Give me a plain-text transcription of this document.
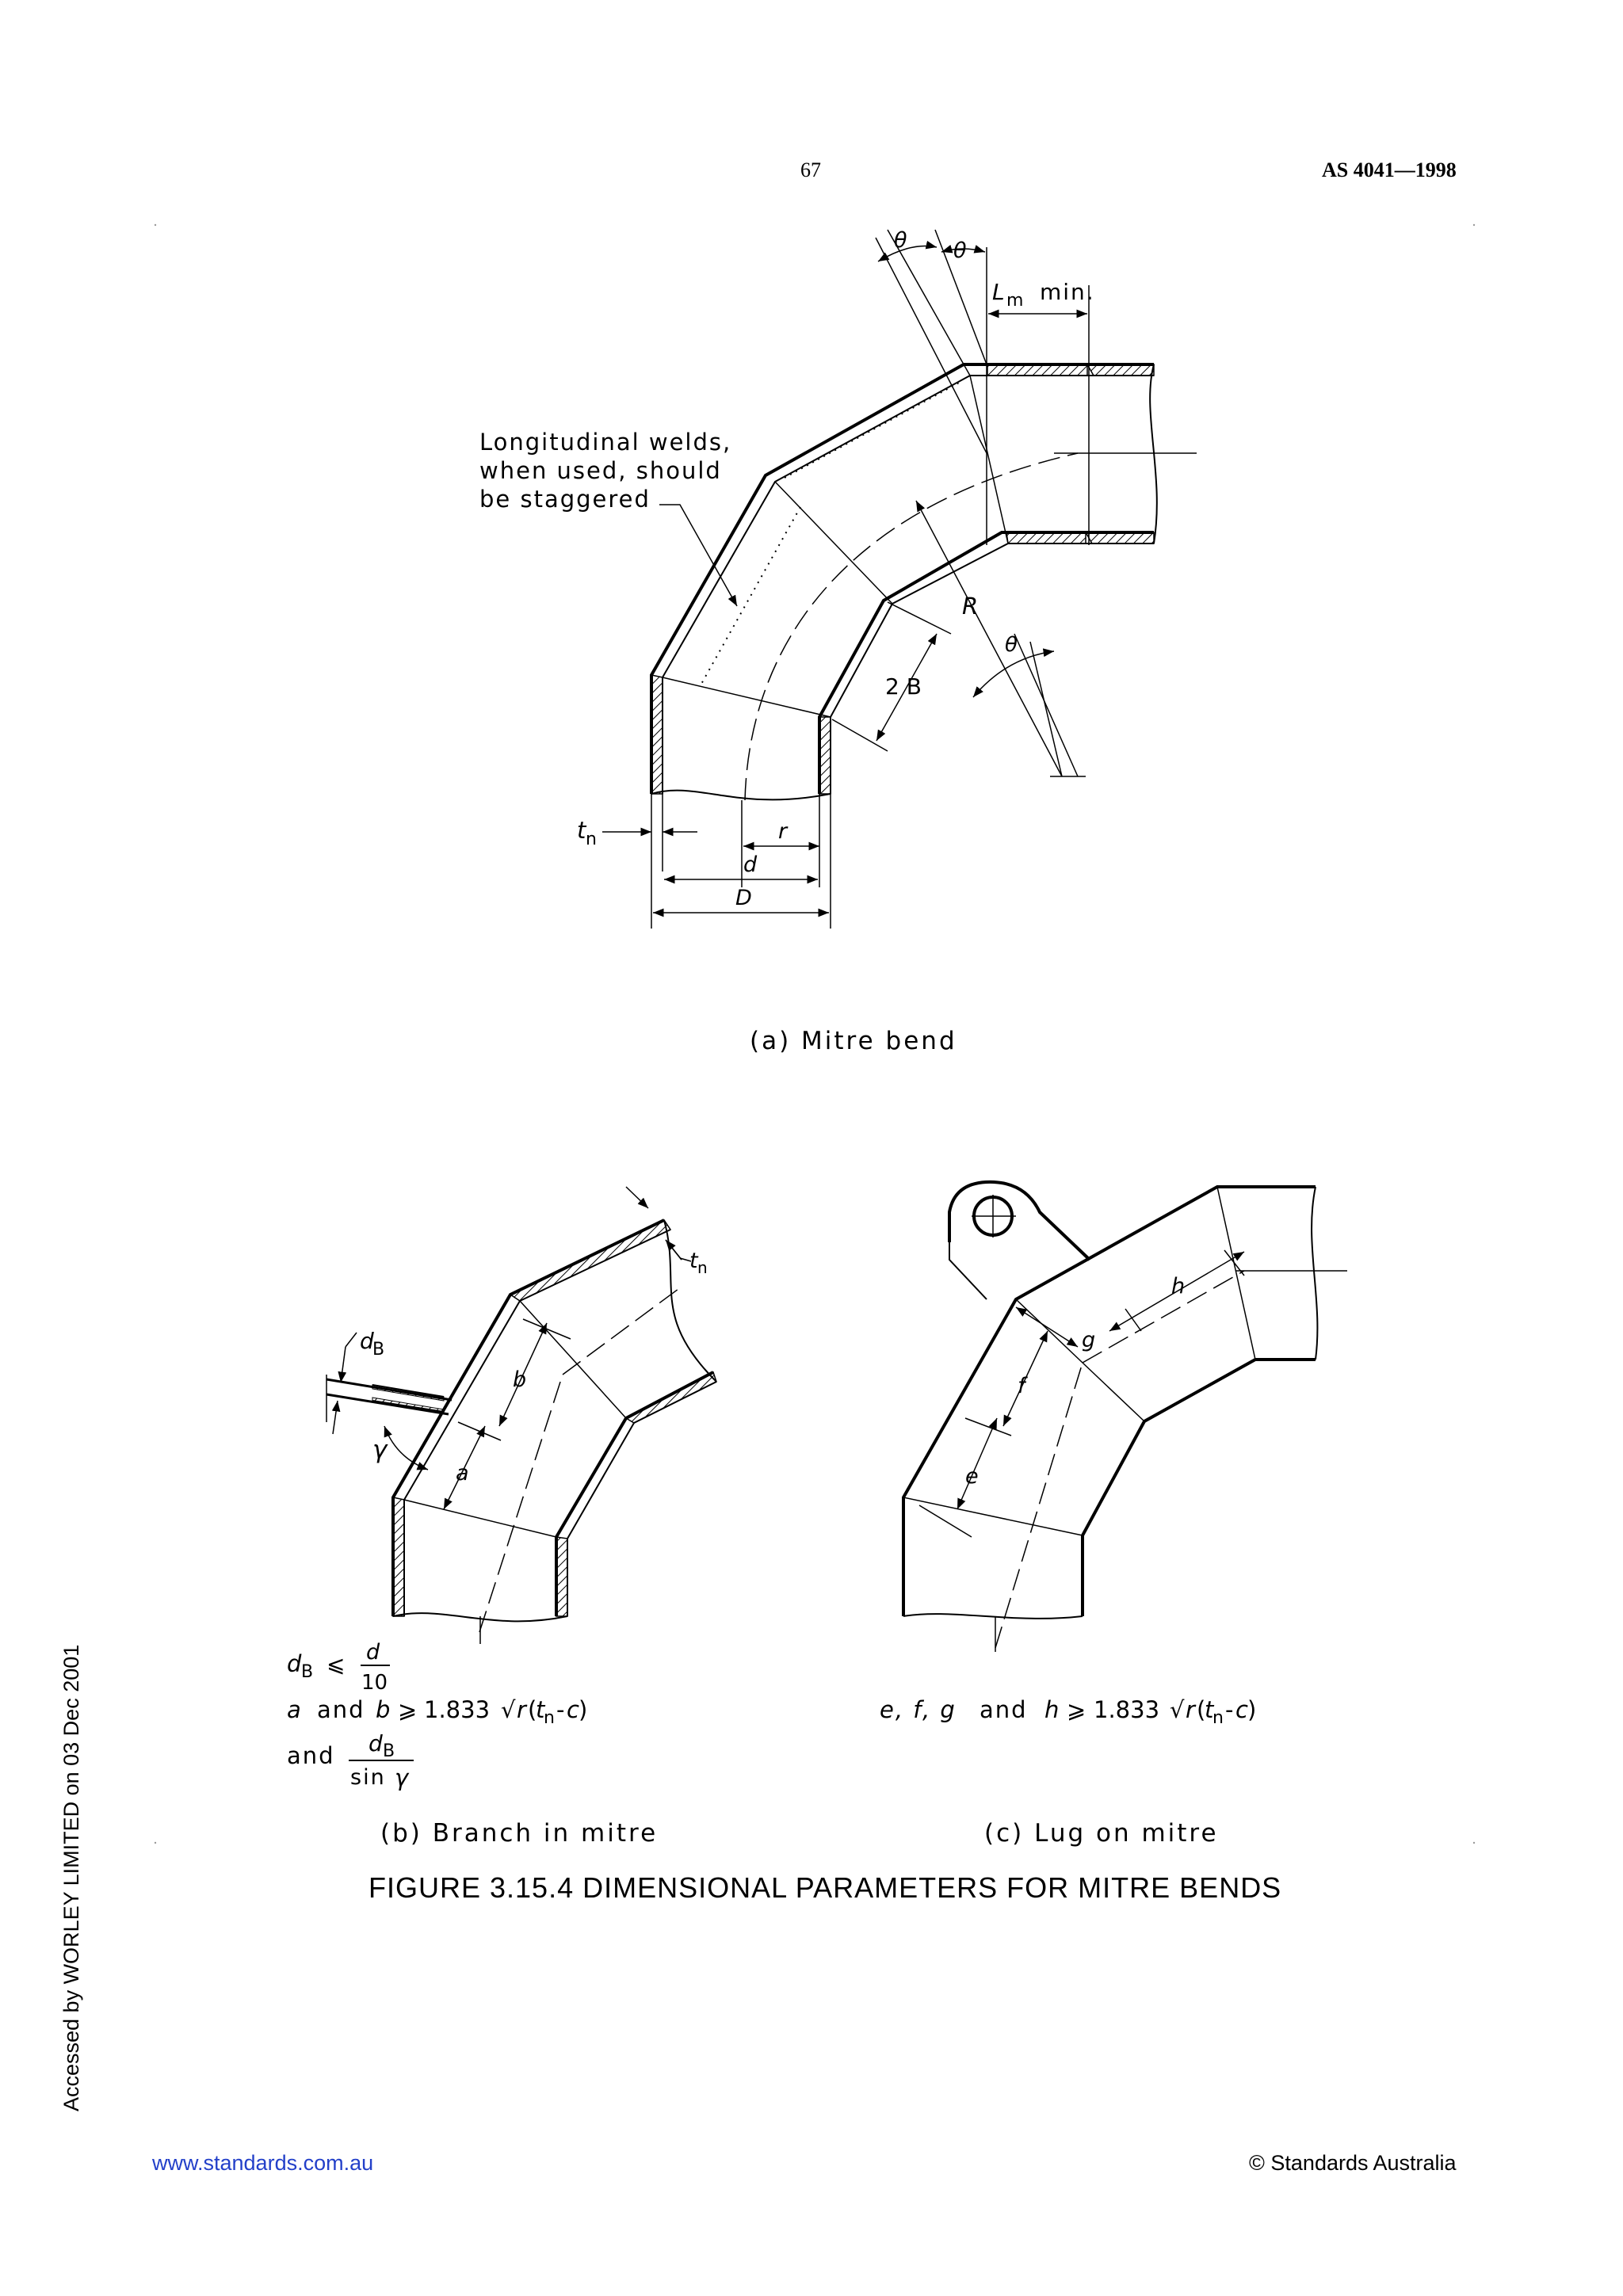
67	AS 4041—1998
Longitudinal welds,
when used, should
be staggered
θ θ
L m min.
R
θ
2 B
t n	r
d
D
d
B
t n
b
a
γ
e
f
g
h
d B ⩽ d
10
a and b ⩾ 1.833 √ r (
t
n - c )
and d B
sin γ
e, f, g and h ⩾ 1.833 √ r (
t
n - c )
(a) Mitre bend
(b) Branch in mitre	(c) Lug on mitre
FIGURE 3.15.4 DIMENSIONAL PARAMETERS FOR MITRE BENDS
Accessed by WORLEY LIMITED on 03 Dec 2001
www.standards.com.au	© Standards Australia
